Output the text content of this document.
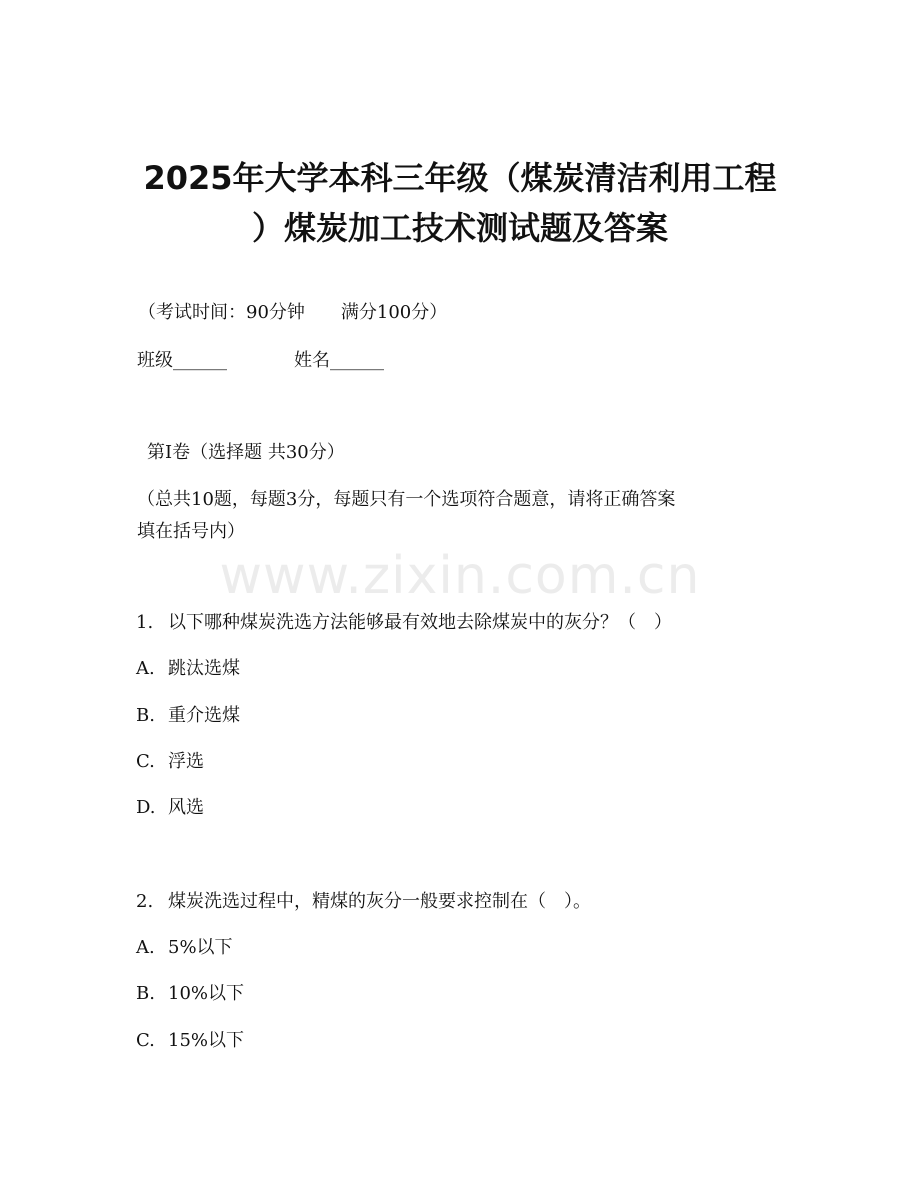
2025年大学本科三年级（煤炭清洁利用工程
）煤炭加工技术测试题及答案
（考试时间：90分钟　　满分100分）
班级______	姓名______
第Ⅰ卷（选择题 共30分）
（总共10题，每题3分，每题只有一个选项符合题意，请将正确答案
填在括号内）
www.zixin.com.cn
1. 以下哪种煤炭洗选方法能够最有效地去除煤炭中的灰分？（　）
A. 跳汰选煤
B. 重介选煤
C. 浮选
D. 风选
2. 煤炭洗选过程中，精煤的灰分一般要求控制在（　）。
A. 5%以下
B. 10%以下
C. 15%以下
